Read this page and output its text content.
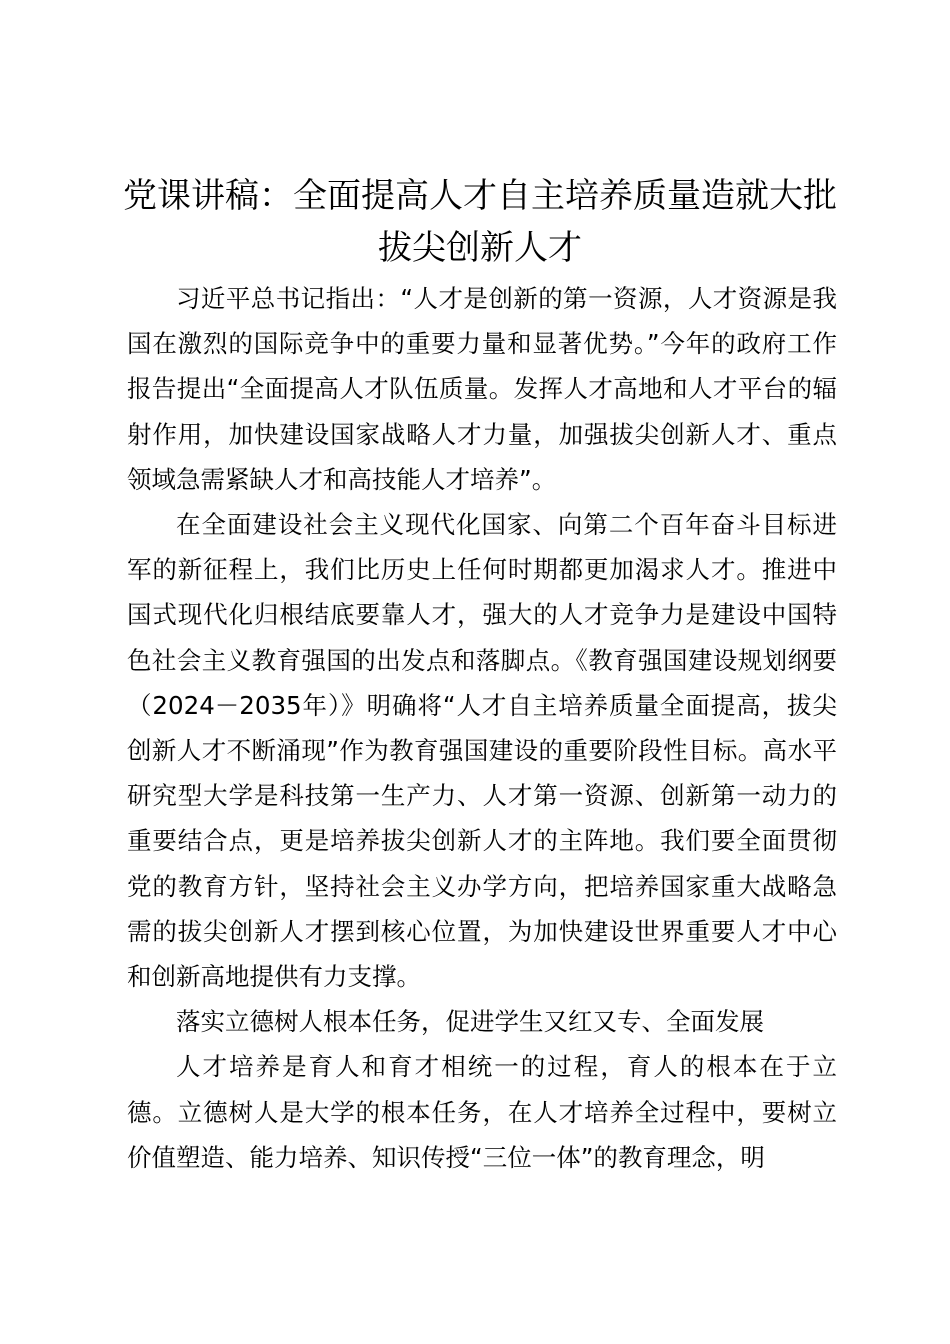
党课讲稿：全面提高人才自主培养质量造就大批拔尖创新人才

习近平总书记指出：“人才是创新的第一资源，人才资源是我国在激烈的国际竞争中的重要力量和显著优势。”今年的政府工作报告提出“全面提高人才队伍质量。发挥人才高地和人才平台的辐射作用，加快建设国家战略人才力量，加强拔尖创新人才、重点领域急需紧缺人才和高技能人才培养”。

在全面建设社会主义现代化国家、向第二个百年奋斗目标进军的新征程上，我们比历史上任何时期都更加渴求人才。推进中国式现代化归根结底要靠人才，强大的人才竞争力是建设中国特色社会主义教育强国的出发点和落脚点。《教育强国建设规划纲要（2024－2035年）》明确将“人才自主培养质量全面提高，拔尖创新人才不断涌现”作为教育强国建设的重要阶段性目标。高水平研究型大学是科技第一生产力、人才第一资源、创新第一动力的重要结合点，更是培养拔尖创新人才的主阵地。我们要全面贯彻党的教育方针，坚持社会主义办学方向，把培养国家重大战略急需的拔尖创新人才摆到核心位置，为加快建设世界重要人才中心和创新高地提供有力支撑。

落实立德树人根本任务，促进学生又红又专、全面发展

人才培养是育人和育才相统一的过程，育人的根本在于立德。立德树人是大学的根本任务，在人才培养全过程中，要树立价值塑造、能力培养、知识传授“三位一体”的教育理念，明
